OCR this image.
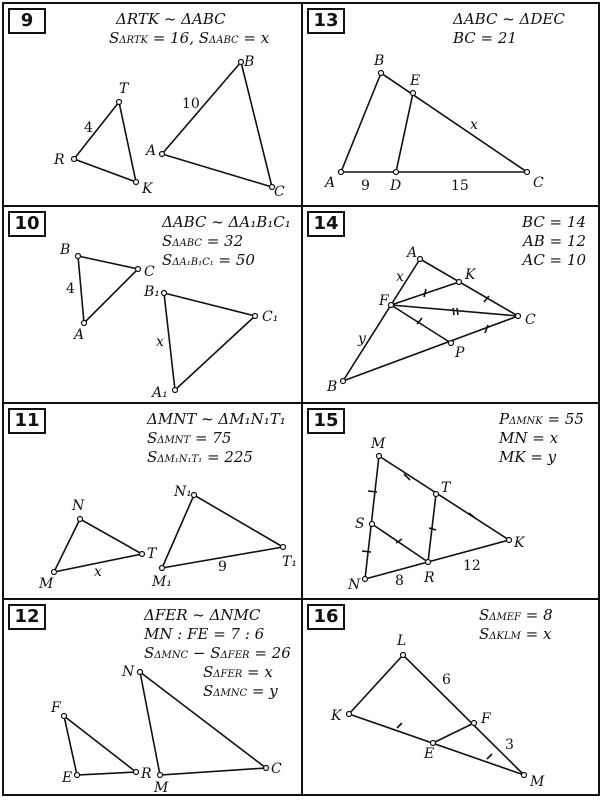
9	ΔRTK ~ ΔABC
SΔRTK = 16, SΔABC = x
T
R
K
A
B
C
4
10
13	ΔABC ~ ΔDEC
BC = 21
B
E
A	D	C
x
9	15
10	ΔABC ~ ΔA₁B₁C₁
SΔABC = 32
SΔA₁B₁C₁ = 50
B
C
A
4	B₁
C₁
A₁
x
14	BC = 14
AB = 12
AC = 10
A
K
F
C
P
B
x
y
11	ΔMNT ~ ΔM₁N₁T₁
SΔMNT = 75
SΔM₁N₁T₁ = 225
N
T
M
x
N₁
T₁
M₁
9
15	PΔMNK = 55
MN = x
MK = y
M
T
S
K
N	R
8
12
12	ΔFER ~ ΔNMC
MN : FE = 7 : 6
SΔMNC − SΔFER = 26
SΔFER = x
SΔMNC = y
F
E	R
N
M
C
16	SΔMEF = 8
SΔKLM = x
L
K	F
E
M
6
3
